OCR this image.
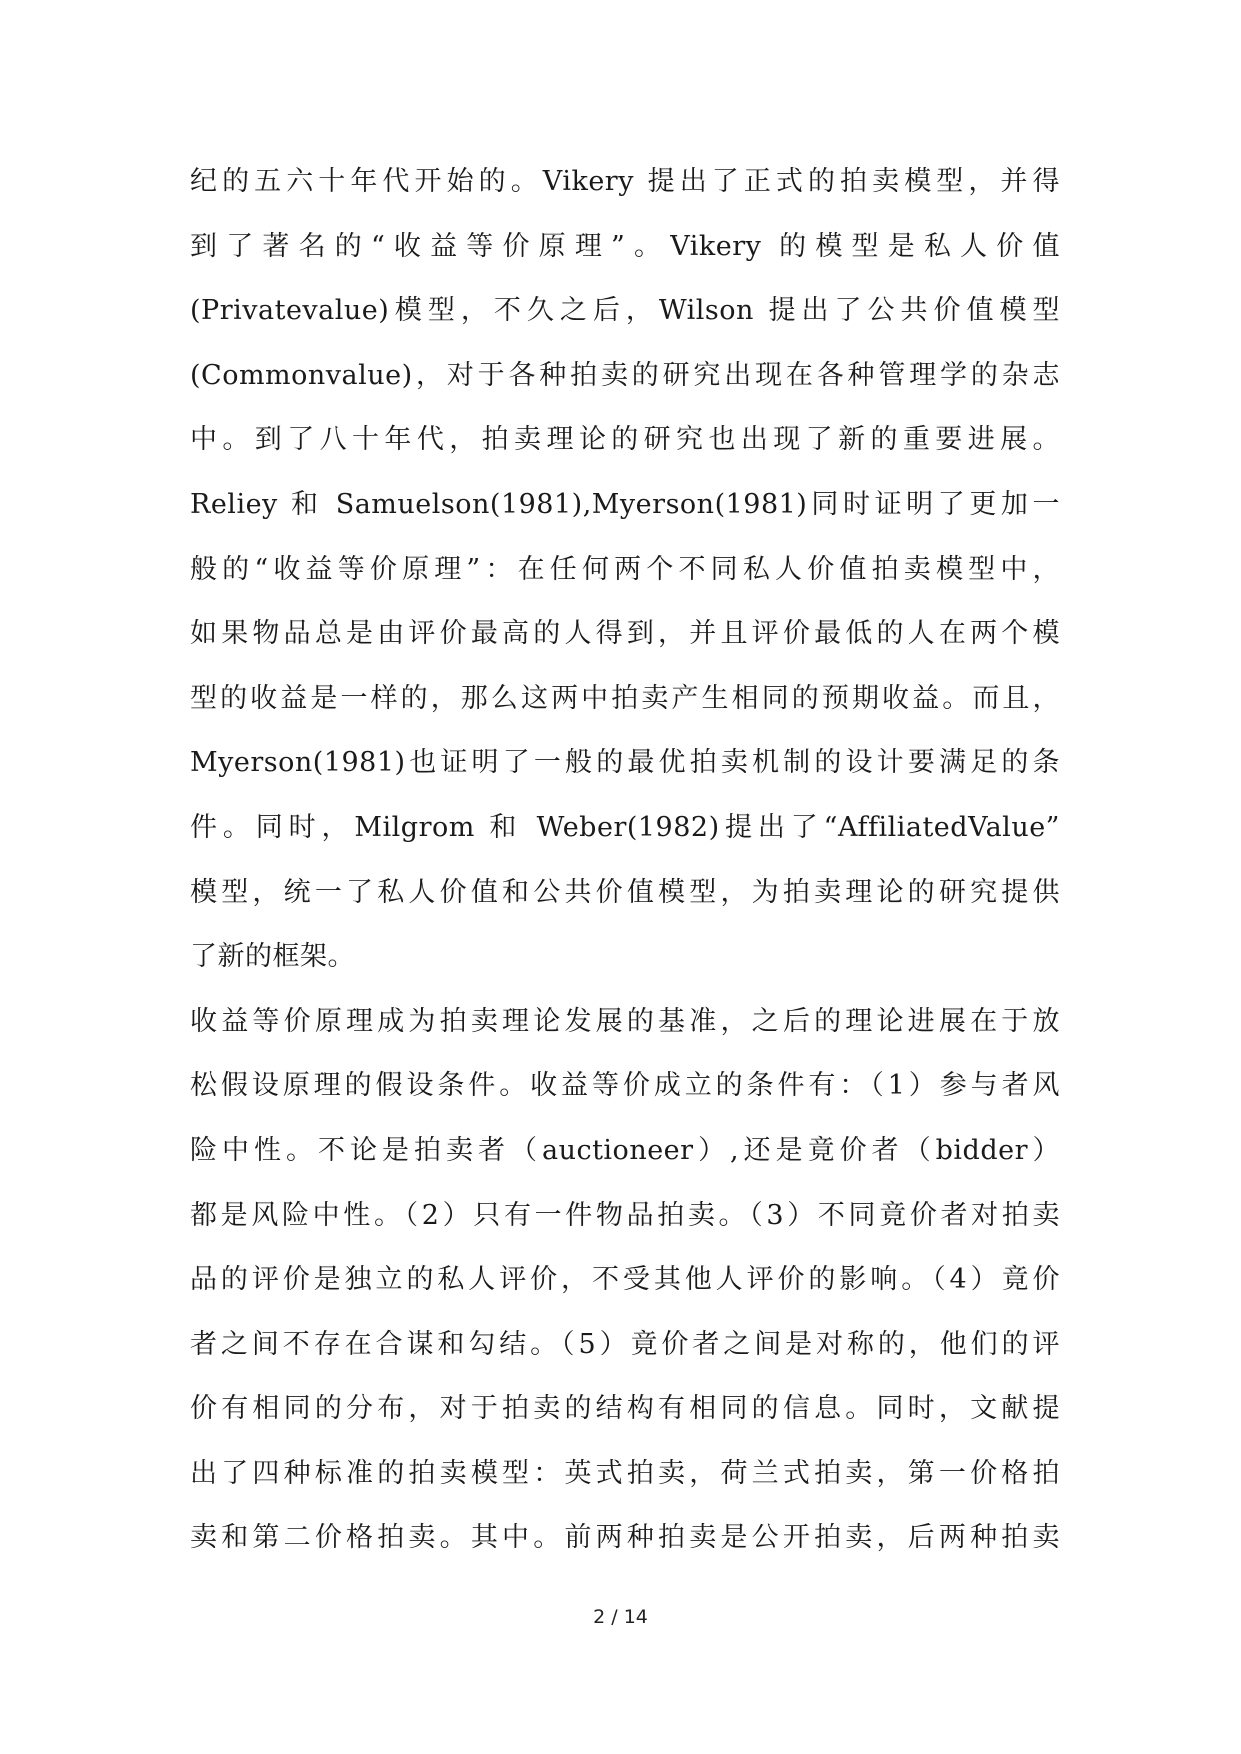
纪的五六十年代开始的。Vikery 提出了正式的拍卖模型，并得
到了著名的“收益等价原理”。Vikery 的模型是私人价值
(Privatevalue)模型，不久之后，Wilson 提出了公共价值模型
(Commonvalue)，对于各种拍卖的研究出现在各种管理学的杂志
中。到了八十年代，拍卖理论的研究也出现了新的重要进展。
Reliey 和 Samuelson(1981),Myerson(1981)同时证明了更加一
般的“收益等价原理”：在任何两个不同私人价值拍卖模型中，
如果物品总是由评价最高的人得到，并且评价最低的人在两个模
型的收益是一样的，那么这两中拍卖产生相同的预期收益。而且，
Myerson(1981)也证明了一般的最优拍卖机制的设计要满足的条
件。同时，Milgrom 和 Weber(1982)提出了“AffiliatedValue”
模型，统一了私人价值和公共价值模型，为拍卖理论的研究提供
了新的框架。
收益等价原理成为拍卖理论发展的基准，之后的理论进展在于放
松假设原理的假设条件。收益等价成立的条件有：（1）参与者风
险中性。不论是拍卖者（auctioneer）,还是竟价者（bidder）
都是风险中性。（2）只有一件物品拍卖。（3）不同竟价者对拍卖
品的评价是独立的私人评价，不受其他人评价的影响。（4）竟价
者之间不存在合谋和勾结。（5）竟价者之间是对称的，他们的评
价有相同的分布，对于拍卖的结构有相同的信息。同时，文献提
出了四种标准的拍卖模型：英式拍卖，荷兰式拍卖，第一价格拍
卖和第二价格拍卖。其中。前两种拍卖是公开拍卖，后两种拍卖
2 / 14
